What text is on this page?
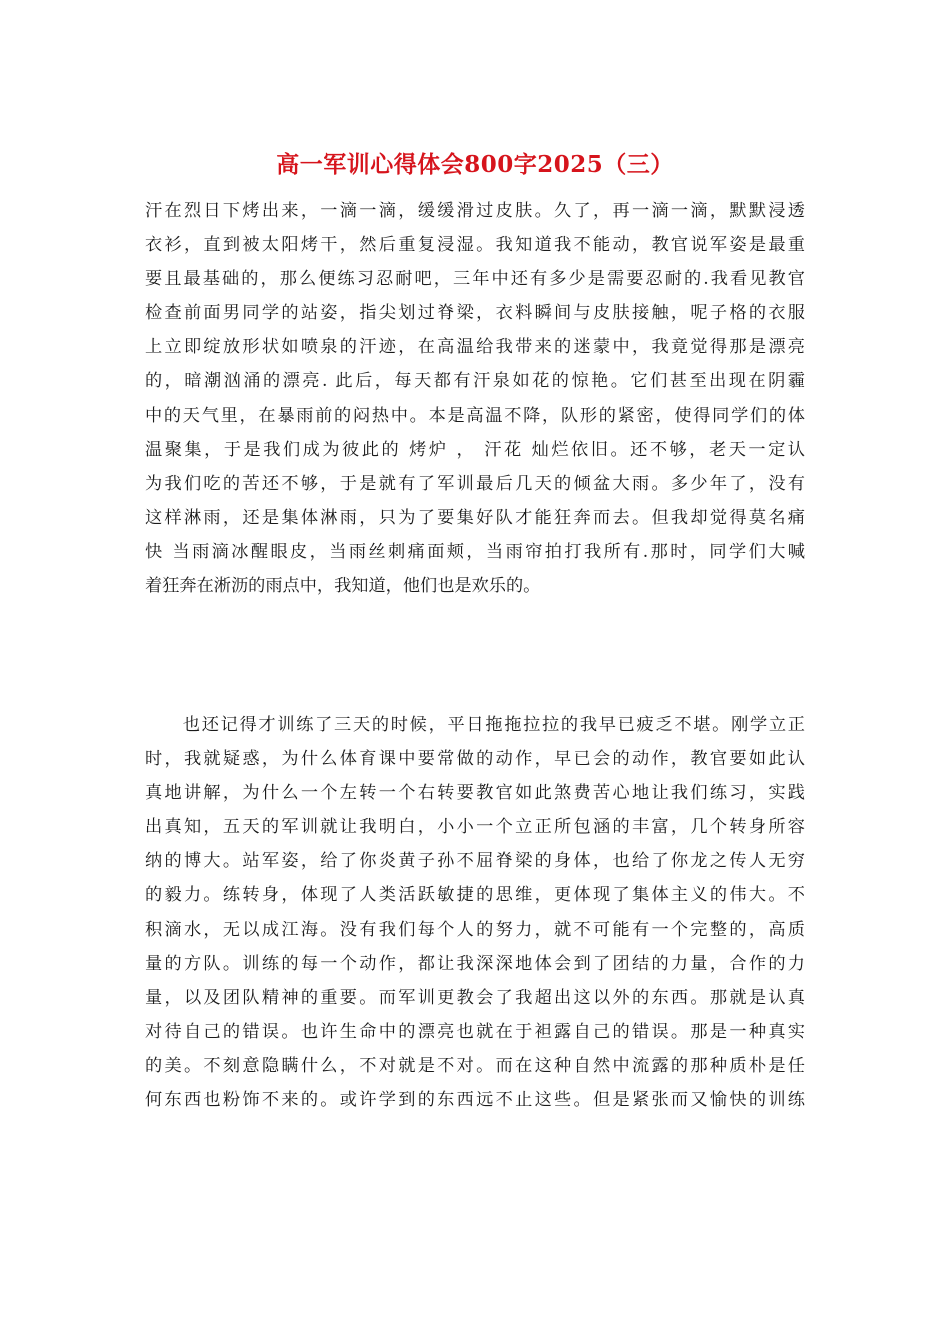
高一军训心得体会800字2025（三）
汗在烈日下烤出来，一滴一滴，缓缓滑过皮肤。久了，再一滴一滴，默默浸透
衣衫，直到被太阳烤干，然后重复浸湿。我知道我不能动，教官说军姿是最重
要且最基础的，那么便练习忍耐吧，三年中还有多少是需要忍耐的.我看见教官
检查前面男同学的站姿，指尖划过脊梁，衣料瞬间与皮肤接触，呢子格的衣服
上立即绽放形状如喷泉的汗迹，在高温给我带来的迷蒙中，我竟觉得那是漂亮
的，暗潮汹涌的漂亮. 此后，每天都有汗泉如花的惊艳。它们甚至出现在阴霾
中的天气里，在暴雨前的闷热中。本是高温不降，队形的紧密，使得同学们的体
温聚集，于是我们成为彼此的 烤炉 ， 汗花 灿烂依旧。还不够，老天一定认
为我们吃的苦还不够，于是就有了军训最后几天的倾盆大雨。多少年了，没有
这样淋雨，还是集体淋雨，只为了要集好队才能狂奔而去。但我却觉得莫名痛
快 当雨滴冰醒眼皮，当雨丝刺痛面颊，当雨帘拍打我所有.那时，同学们大喊
着狂奔在淅沥的雨点中，我知道，他们也是欢乐的。
　　也还记得才训练了三天的时候，平日拖拖拉拉的我早已疲乏不堪。刚学立正
时，我就疑惑，为什么体育课中要常做的动作，早已会的动作，教官要如此认
真地讲解，为什么一个左转一个右转要教官如此煞费苦心地让我们练习，实践
出真知，五天的军训就让我明白，小小一个立正所包涵的丰富，几个转身所容
纳的博大。站军姿，给了你炎黄子孙不屈脊梁的身体，也给了你龙之传人无穷
的毅力。练转身，体现了人类活跃敏捷的思维，更体现了集体主义的伟大。不
积滴水，无以成江海。没有我们每个人的努力，就不可能有一个完整的，高质
量的方队。训练的每一个动作，都让我深深地体会到了团结的力量，合作的力
量，以及团队精神的重要。而军训更教会了我超出这以外的东西。那就是认真
对待自己的错误。也许生命中的漂亮也就在于袒露自己的错误。那是一种真实
的美。不刻意隐瞒什么，不对就是不对。而在这种自然中流露的那种质朴是任
何东西也粉饰不来的。或许学到的东西远不止这些。但是紧张而又愉快的训练
